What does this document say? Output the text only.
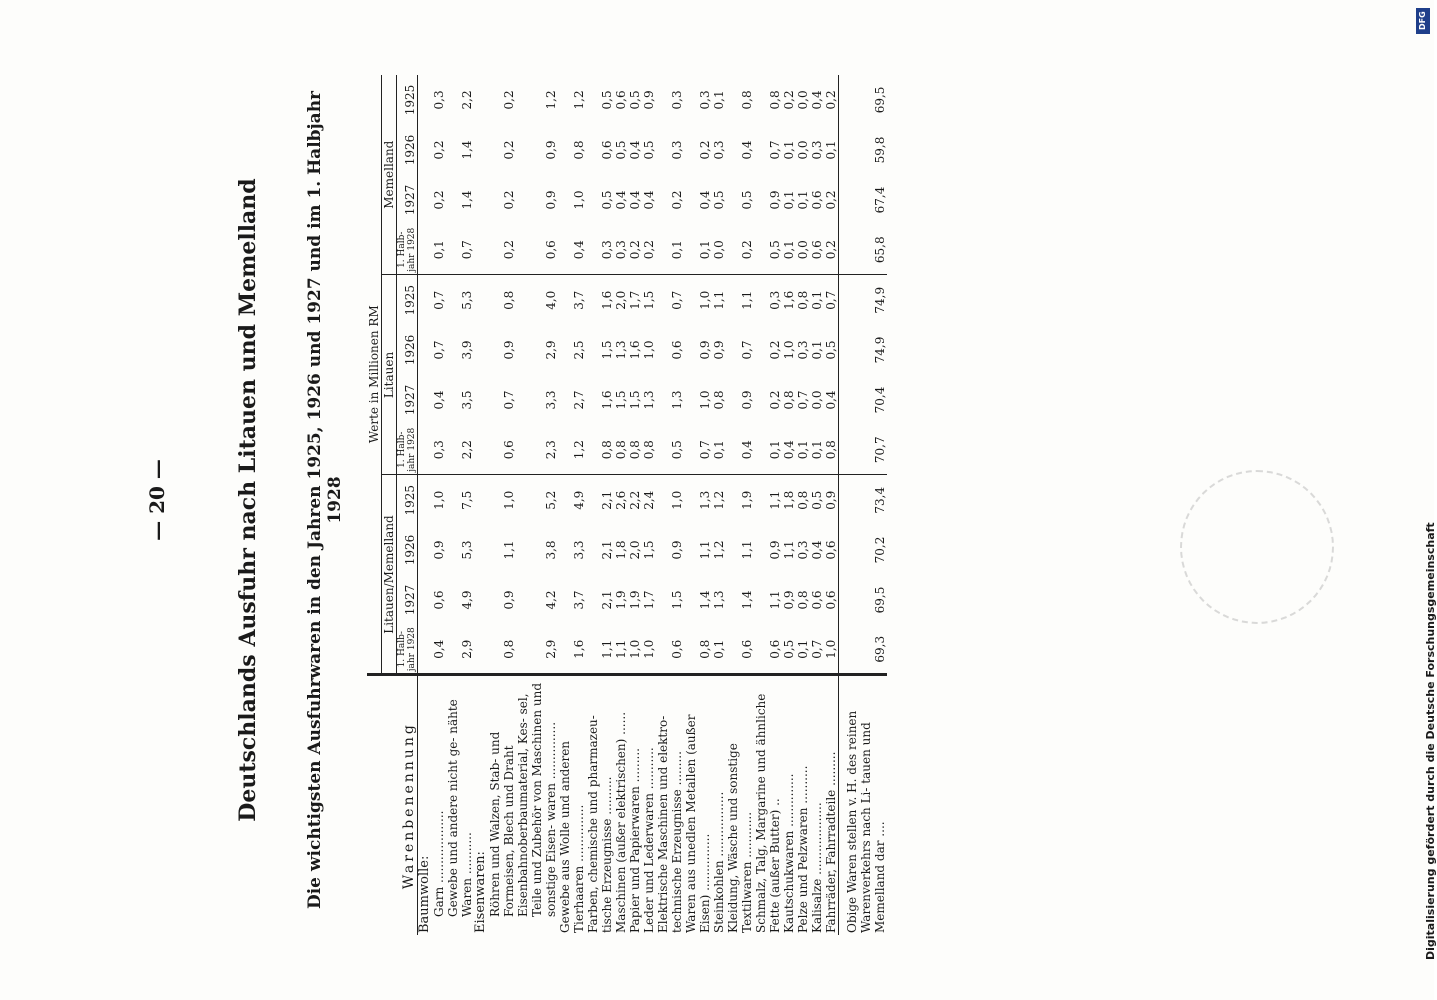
— 20 —	Deutschlands Ausfuhr nach Litauen und Memelland	Die wichtigsten Ausfuhrwaren in den Jahren 1925, 1926 und 1927 und im 1. Halbjahr 1928
Warenbenennung	Werte in Millionen RM											
	Litauen/Memelland				Litauen				Memelland			
	1. Halb-jahr 1928	1927	1926	1925	1. Halb-jahr 1928	1927	1926	1925	1. Halb-jahr 1928	1927	1926	1925
Baumwolle:												
Garn ...................	0,4	0,6	0,9	1,0	0,3	0,4	0,7	0,7	0,1	0,2	0,2	0,3
Gewebe und andere nicht ge- nähte Waren ...........	2,9	4,9	5,3	7,5	2,2	3,5	3,9	5,3	0,7	1,4	1,4	2,2
Eisenwaren:												
Röhren und Walzen, Stab- und Formeisen, Blech und Draht	0,8	0,9	1,1	1,0	0,6	0,7	0,9	0,8	0,2	0,2	0,2	0,2
Eisenbahnoberbaumaterial, Kes- sel, Teile und Zubehör von Maschinen und sonstige Eisen- waren ...............	2,9	4,2	3,8	5,2	2,3	3,3	2,9	4,0	0,6	0,9	0,9	1,2
Gewebe aus Wolle und anderen Tierhaaren ...............	1,6	3,7	3,3	4,9	1,2	2,7	2,5	3,7	0,4	1,0	0,8	1,2
Farben, chemische und pharmazeu- tische Erzeugnisse ..........	1,1	2,1	2,1	2,1	0,8	1,6	1,5	1,6	0,3	0,5	0,6	0,5
Maschinen (außer elektrischen) ......	1,1	1,9	1,8	2,6	0,8	1,5	1,3	2,0	0,3	0,4	0,5	0,6
Papier und Papierwaren .........	1,0	1,9	2,0	2,2	0,8	1,5	1,6	1,7	0,2	0,4	0,4	0,5
Leder und Lederwaren ...........	1,0	1,7	1,5	2,4	0,8	1,3	1,0	1,5	0,2	0,4	0,5	0,9
Elektrische Maschinen und elektro- technische Erzeugnisse .........	0,6	1,5	0,9	1,0	0,5	1,3	0,6	0,7	0,1	0,2	0,3	0,3
Waren aus unedlen Metallen (außer Eisen) ...............	0,8	1,4	1,1	1,3	0,7	1,0	0,9	1,0	0,1	0,4	0,2	0,3
Steinkohlen .................	0,1	1,3	1,2	1,2	0,1	0,8	0,9	1,1	0,0	0,5	0,3	0,1
Kleidung, Wäsche und sonstige Textilwaren ............	0,6	1,4	1,1	1,9	0,4	0,9	0,7	1,1	0,2	0,5	0,4	0,8
Schmalz, Talg, Margarine und ähnliche Fette (außer Butter) ..	0,6	1,1	0,9	1,1	0,1	0,2	0,2	0,3	0,5	0,9	0,7	0,8
Kautschukwaren ..............	0,5	0,9	1,1	1,8	0,4	0,8	1,0	1,6	0,1	0,1	0,1	0,2
Pelze und Pelzwaren ..........	0,1	0,8	0,3	0,8	0,1	0,7	0,3	0,8	0,0	0,1	0,0	0,0
Kalisalze ...................	0,7	0,6	0,4	0,5	0,1	0,0	0,1	0,1	0,6	0,6	0,3	0,4
Fahrräder, Fahrradteile .........	1,0	0,6	0,6	0,9	0,8	0,4	0,5	0,7	0,2	0,2	0,1	0,2
Obige Waren stellen v. H. des reinen Warenverkehrs nach Li- tauen und Memelland dar ....	69,3	69,5	70,2	73,4	70,7	70,4	74,9	74,9	65,8	67,4	59,8	69,5
DFG
Digitalisierung gefördert durch die Deutsche Forschungsgemeinschaft
